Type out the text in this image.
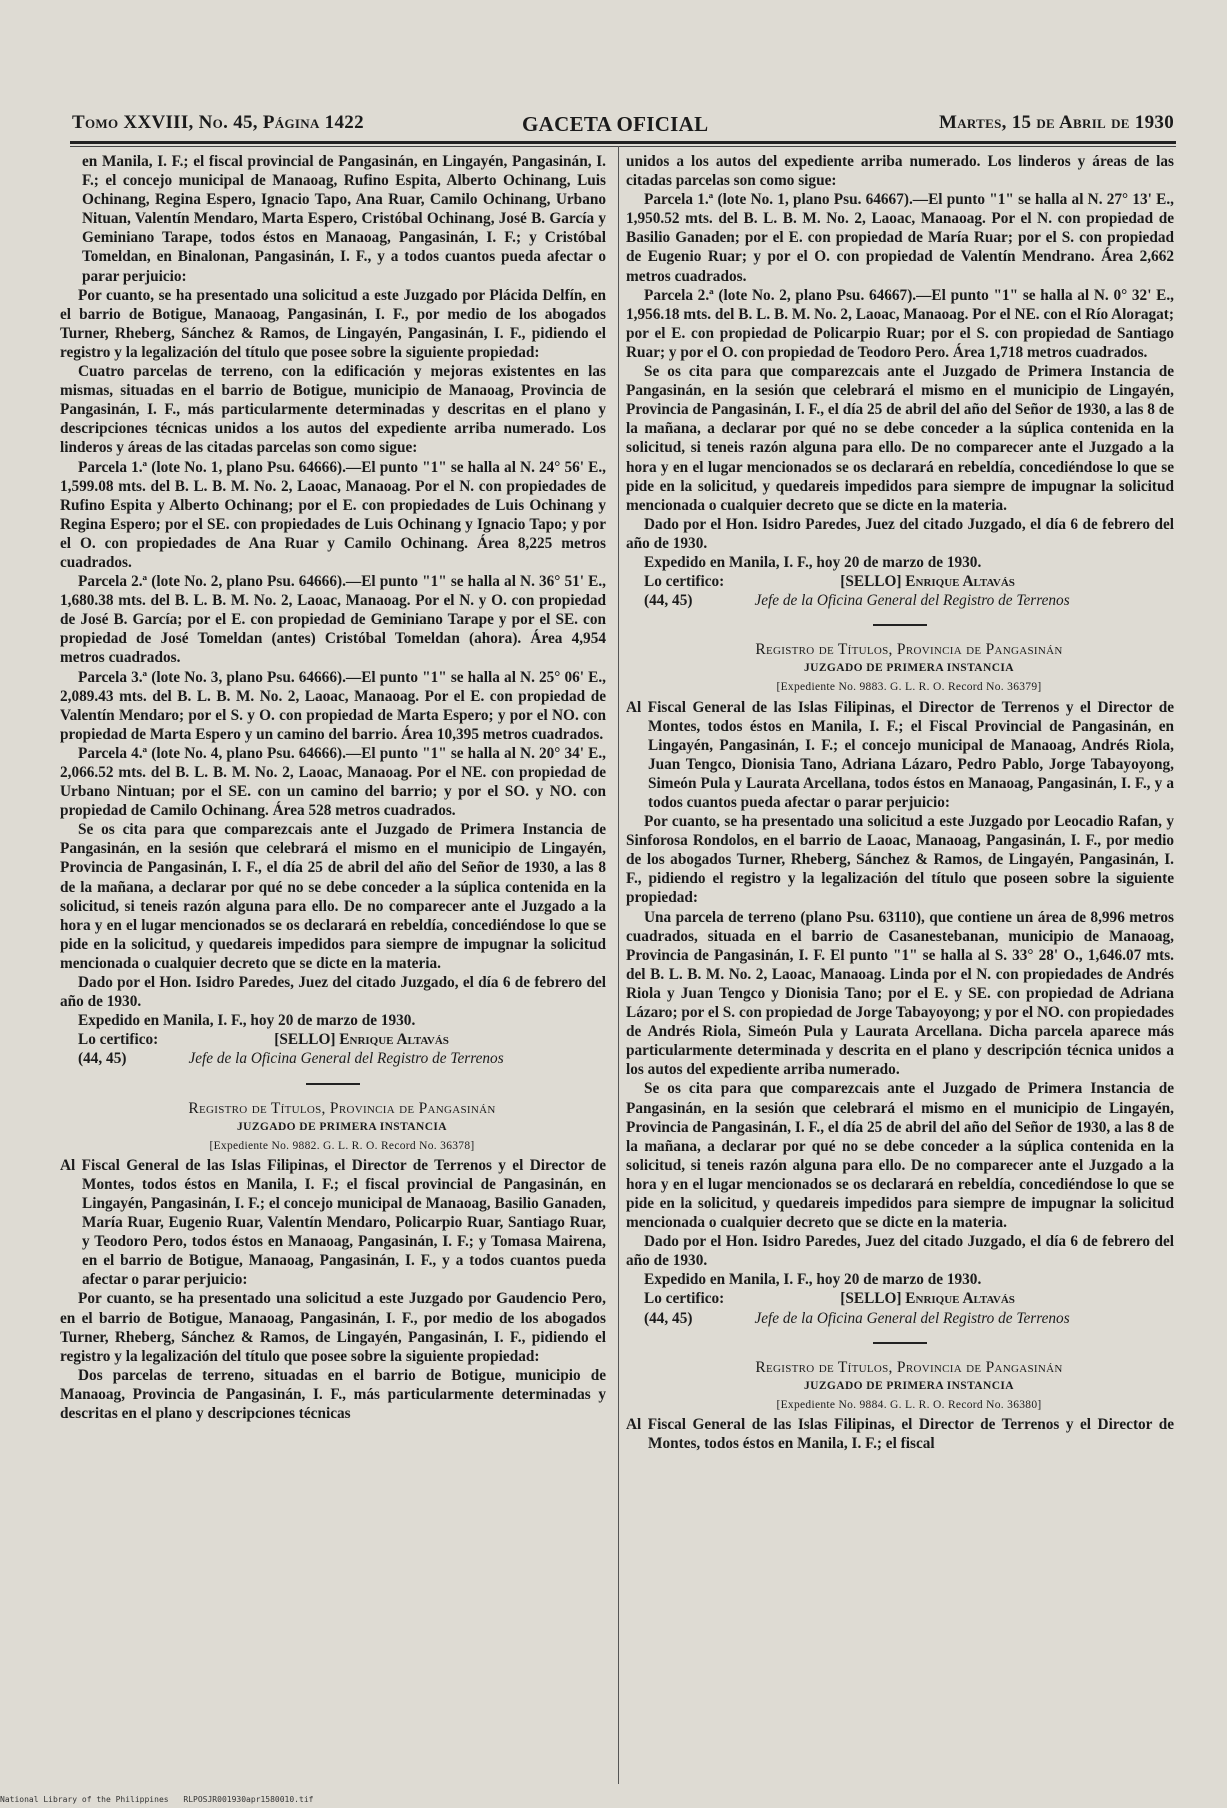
Tomo XXVIII, No. 45, Página 1422	GACETA OFICIAL	Martes, 15 de Abril de 1930

en Manila, I. F.; el fiscal provincial de Pangasinán, en Lingayén, Pangasinán, I. F.; el concejo municipal de Manaoag, Rufino Espita, Alberto Ochinang, Luis Ochinang, Regina Espero, Ignacio Tapo, Ana Ruar, Camilo Ochinang, Urbano Nituan, Valentín Mendaro, Marta Espero, Cristóbal Ochinang, José B. García y Geminiano Tarape, todos éstos en Manaoag, Pangasinán, I. F.; y Cristóbal Tomeldan, en Binalonan, Pangasinán, I. F., y a todos cuantos pueda afectar o parar perjuicio:

Por cuanto, se ha presentado una solicitud a este Juzgado por Plácida Delfín, en el barrio de Botigue, Manaoag, Pangasinán, I. F., por medio de los abogados Turner, Rheberg, Sánchez & Ramos, de Lingayén, Pangasinán, I. F., pidiendo el registro y la legalización del título que posee sobre la siguiente propiedad:

Cuatro parcelas de terreno, con la edificación y mejoras existentes en las mismas, situadas en el barrio de Botigue, municipio de Manaoag, Provincia de Pangasinán, I. F., más particularmente determinadas y descritas en el plano y descripciones técnicas unidos a los autos del expediente arriba numerado. Los linderos y áreas de las citadas parcelas son como sigue:

Parcela 1.ª (lote No. 1, plano Psu. 64666).—El punto "1" se halla al N. 24° 56' E., 1,599.08 mts. del B. L. B. M. No. 2, Laoac, Manaoag. Por el N. con propiedades de Rufino Espita y Alberto Ochinang; por el E. con propiedades de Luis Ochinang y Regina Espero; por el SE. con propiedades de Luis Ochinang y Ignacio Tapo; y por el O. con propiedades de Ana Ruar y Camilo Ochinang. Área 8,225 metros cuadrados.

Parcela 2.ª (lote No. 2, plano Psu. 64666).—El punto "1" se halla al N. 36° 51' E., 1,680.38 mts. del B. L. B. M. No. 2, Laoac, Manaoag. Por el N. y O. con propiedad de José B. García; por el E. con propiedad de Geminiano Tarape y por el SE. con propiedad de José Tomeldan (antes) Cristóbal Tomeldan (ahora). Área 4,954 metros cuadrados.

Parcela 3.ª (lote No. 3, plano Psu. 64666).—El punto "1" se halla al N. 25° 06' E., 2,089.43 mts. del B. L. B. M. No. 2, Laoac, Manaoag. Por el E. con propiedad de Valentín Mendaro; por el S. y O. con propiedad de Marta Espero; y por el NO. con propiedad de Marta Espero y un camino del barrio. Área 10,395 metros cuadrados.

Parcela 4.ª (lote No. 4, plano Psu. 64666).—El punto "1" se halla al N. 20° 34' E., 2,066.52 mts. del B. L. B. M. No. 2, Laoac, Manaoag. Por el NE. con propiedad de Urbano Nintuan; por el SE. con un camino del barrio; y por el SO. y NO. con propiedad de Camilo Ochinang. Área 528 metros cuadrados.

Se os cita para que comparezcais ante el Juzgado de Primera Instancia de Pangasinán, en la sesión que celebrará el mismo en el municipio de Lingayén, Provincia de Pangasinán, I. F., el día 25 de abril del año del Señor de 1930, a las 8 de la mañana, a declarar por qué no se debe conceder a la súplica contenida en la solicitud, si teneis razón alguna para ello. De no comparecer ante el Juzgado a la hora y en el lugar mencionados se os declarará en rebeldía, concediéndose lo que se pide en la solicitud, y quedareis impedidos para siempre de impugnar la solicitud mencionada o cualquier decreto que se dicte en la materia.

Dado por el Hon. Isidro Paredes, Juez del citado Juzgado, el día 6 de febrero del año de 1930.

Expedido en Manila, I. F., hoy 20 de marzo de 1930.

Lo certifico:	[SELLO] Enrique Altavás

(44, 45)	Jefe de la Oficina General del Registro de Terrenos

Registro de Títulos, Provincia de Pangasinán

JUZGADO DE PRIMERA INSTANCIA

[Expediente No. 9882. G. L. R. O. Record No. 36378]

Al Fiscal General de las Islas Filipinas, el Director de Terrenos y el Director de Montes, todos éstos en Manila, I. F.; el fiscal provincial de Pangasinán, en Lingayén, Pangasinán, I. F.; el concejo municipal de Manaoag, Basilio Ganaden, María Ruar, Eugenio Ruar, Valentín Mendaro, Policarpio Ruar, Santiago Ruar, y Teodoro Pero, todos éstos en Manaoag, Pangasinán, I. F.; y Tomasa Mairena, en el barrio de Botigue, Manaoag, Pangasinán, I. F., y a todos cuantos pueda afectar o parar perjuicio:

Por cuanto, se ha presentado una solicitud a este Juzgado por Gaudencio Pero, en el barrio de Botigue, Manaoag, Pangasinán, I. F., por medio de los abogados Turner, Rheberg, Sánchez & Ramos, de Lingayén, Pangasinán, I. F., pidiendo el registro y la legalización del título que posee sobre la siguiente propiedad:

Dos parcelas de terreno, situadas en el barrio de Botigue, municipio de Manaoag, Provincia de Pangasinán, I. F., más particularmente determinadas y descritas en el plano y descripciones técnicas

unidos a los autos del expediente arriba numerado. Los linderos y áreas de las citadas parcelas son como sigue:

Parcela 1.ª (lote No. 1, plano Psu. 64667).—El punto "1" se halla al N. 27° 13' E., 1,950.52 mts. del B. L. B. M. No. 2, Laoac, Manaoag. Por el N. con propiedad de Basilio Ganaden; por el E. con propiedad de María Ruar; por el S. con propiedad de Eugenio Ruar; y por el O. con propiedad de Valentín Mendrano. Área 2,662 metros cuadrados.

Parcela 2.ª (lote No. 2, plano Psu. 64667).—El punto "1" se halla al N. 0° 32' E., 1,956.18 mts. del B. L. B. M. No. 2, Laoac, Manaoag. Por el NE. con el Río Aloragat; por el E. con propiedad de Policarpio Ruar; por el S. con propiedad de Santiago Ruar; y por el O. con propiedad de Teodoro Pero. Área 1,718 metros cuadrados.

Se os cita para que comparezcais ante el Juzgado de Primera Instancia de Pangasinán, en la sesión que celebrará el mismo en el municipio de Lingayén, Provincia de Pangasinán, I. F., el día 25 de abril del año del Señor de 1930, a las 8 de la mañana, a declarar por qué no se debe conceder a la súplica contenida en la solicitud, si teneis razón alguna para ello. De no comparecer ante el Juzgado a la hora y en el lugar mencionados se os declarará en rebeldía, concediéndose lo que se pide en la solicitud, y quedareis impedidos para siempre de impugnar la solicitud mencionada o cualquier decreto que se dicte en la materia.

Dado por el Hon. Isidro Paredes, Juez del citado Juzgado, el día 6 de febrero del año de 1930.

Expedido en Manila, I. F., hoy 20 de marzo de 1930.

Lo certifico:	[SELLO] Enrique Altavás

(44, 45)	Jefe de la Oficina General del Registro de Terrenos

Registro de Títulos, Provincia de Pangasinán

JUZGADO DE PRIMERA INSTANCIA

[Expediente No. 9883. G. L. R. O. Record No. 36379]

Al Fiscal General de las Islas Filipinas, el Director de Terrenos y el Director de Montes, todos éstos en Manila, I. F.; el Fiscal Provincial de Pangasinán, en Lingayén, Pangasinán, I. F.; el concejo municipal de Manaoag, Andrés Riola, Juan Tengco, Dionisia Tano, Adriana Lázaro, Pedro Pablo, Jorge Tabayoyong, Simeón Pula y Laurata Arcellana, todos éstos en Manaoag, Pangasinán, I. F., y a todos cuantos pueda afectar o parar perjuicio:

Por cuanto, se ha presentado una solicitud a este Juzgado por Leocadio Rafan, y Sinforosa Rondolos, en el barrio de Laoac, Manaoag, Pangasinán, I. F., por medio de los abogados Turner, Rheberg, Sánchez & Ramos, de Lingayén, Pangasinán, I. F., pidiendo el registro y la legalización del título que poseen sobre la siguiente propiedad:

Una parcela de terreno (plano Psu. 63110), que contiene un área de 8,996 metros cuadrados, situada en el barrio de Casanestebanan, municipio de Manaoag, Provincia de Pangasinán, I. F. El punto "1" se halla al S. 33° 28' O., 1,646.07 mts. del B. L. B. M. No. 2, Laoac, Manaoag. Linda por el N. con propiedades de Andrés Riola y Juan Tengco y Dionisia Tano; por el E. y SE. con propiedad de Adriana Lázaro; por el S. con propiedad de Jorge Tabayoyong; y por el NO. con propiedades de Andrés Riola, Simeón Pula y Laurata Arcellana. Dicha parcela aparece más particularmente determinada y descrita en el plano y descripción técnica unidos a los autos del expediente arriba numerado.

Se os cita para que comparezcais ante el Juzgado de Primera Instancia de Pangasinán, en la sesión que celebrará el mismo en el municipio de Lingayén, Provincia de Pangasinán, I. F., el día 25 de abril del año del Señor de 1930, a las 8 de la mañana, a declarar por qué no se debe conceder a la súplica contenida en la solicitud, si teneis razón alguna para ello. De no comparecer ante el Juzgado a la hora y en el lugar mencionados se os declarará en rebeldía, concediéndose lo que se pide en la solicitud, y quedareis impedidos para siempre de impugnar la solicitud mencionada o cualquier decreto que se dicte en la materia.

Dado por el Hon. Isidro Paredes, Juez del citado Juzgado, el día 6 de febrero del año de 1930.

Expedido en Manila, I. F., hoy 20 de marzo de 1930.

Lo certifico:	[SELLO] Enrique Altavás

(44, 45)	Jefe de la Oficina General del Registro de Terrenos

Registro de Títulos, Provincia de Pangasinán

JUZGADO DE PRIMERA INSTANCIA

[Expediente No. 9884. G. L. R. O. Record No. 36380]

Al Fiscal General de las Islas Filipinas, el Director de Terrenos y el Director de Montes, todos éstos en Manila, I. F.; el fiscal

National Library of the Philippines RLPOSJR001930apr1580010.tif
